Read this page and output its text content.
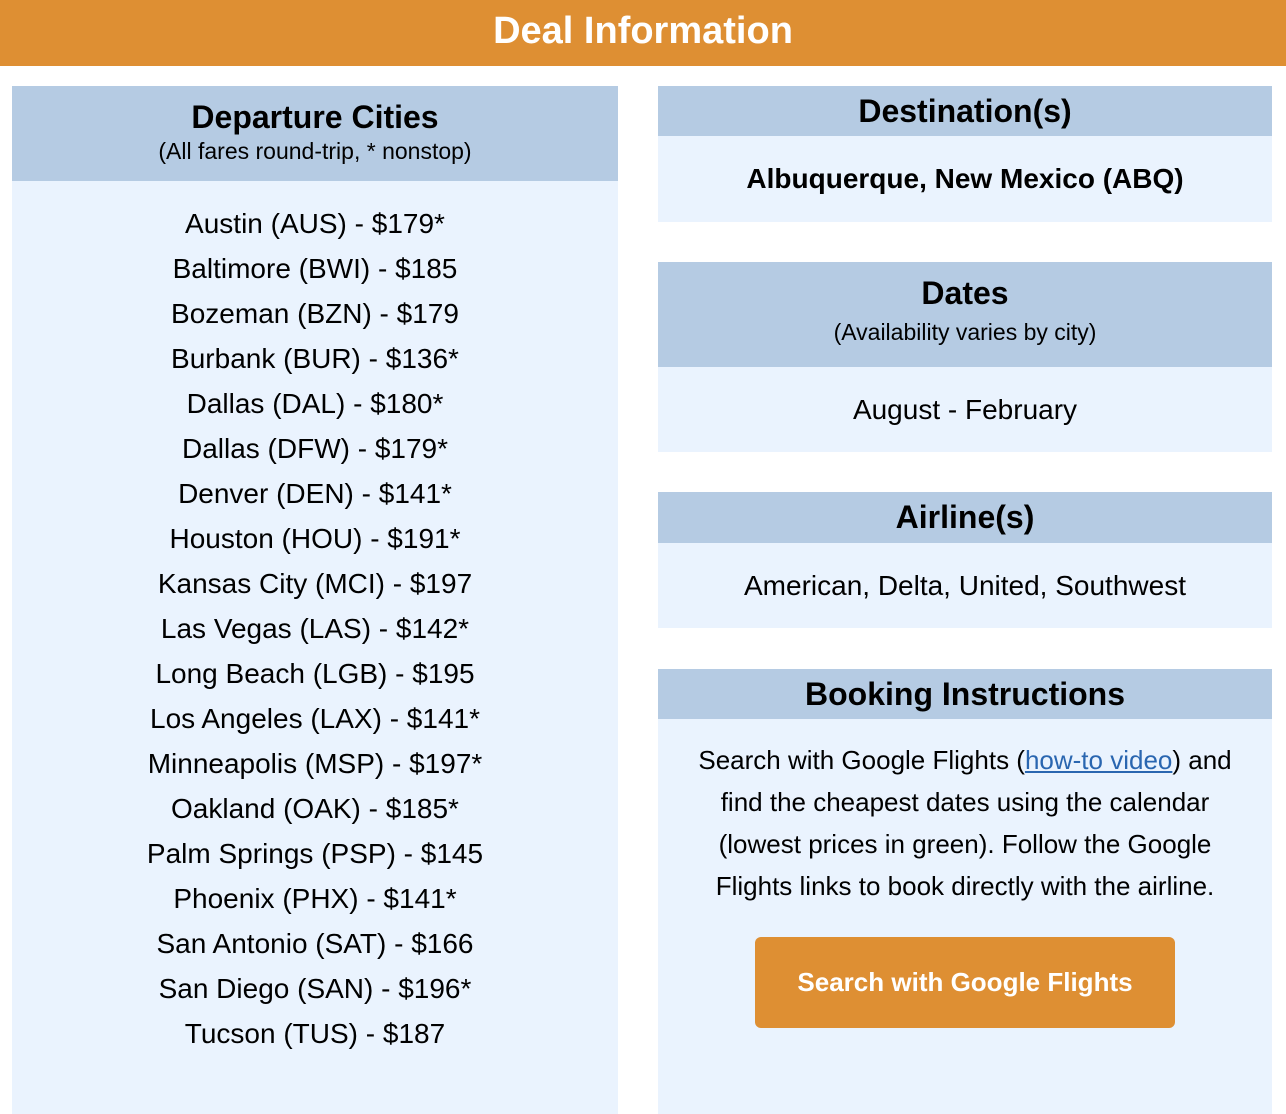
Deal Information
Departure Cities
(All fares round-trip, * nonstop)
Austin (AUS) - $179*
Baltimore (BWI) - $185
Bozeman (BZN) - $179
Burbank (BUR) - $136*
Dallas (DAL) - $180*
Dallas (DFW) - $179*
Denver (DEN) - $141*
Houston (HOU) - $191*
Kansas City (MCI) - $197
Las Vegas (LAS) - $142*
Long Beach (LGB) - $195
Los Angeles (LAX) - $141*
Minneapolis (MSP) - $197*
Oakland (OAK) - $185*
Palm Springs (PSP) - $145
Phoenix (PHX) - $141*
San Antonio (SAT) - $166
San Diego (SAN) - $196*
Tucson (TUS) - $187
Destination(s)
Albuquerque, New Mexico (ABQ)
Dates
(Availability varies by city)
August - February
Airline(s)
American, Delta, United, Southwest
Booking Instructions
Search with Google Flights (how-to video) and find the cheapest dates using the calendar (lowest prices in green). Follow the Google Flights links to book directly with the airline.
Search with Google Flights
